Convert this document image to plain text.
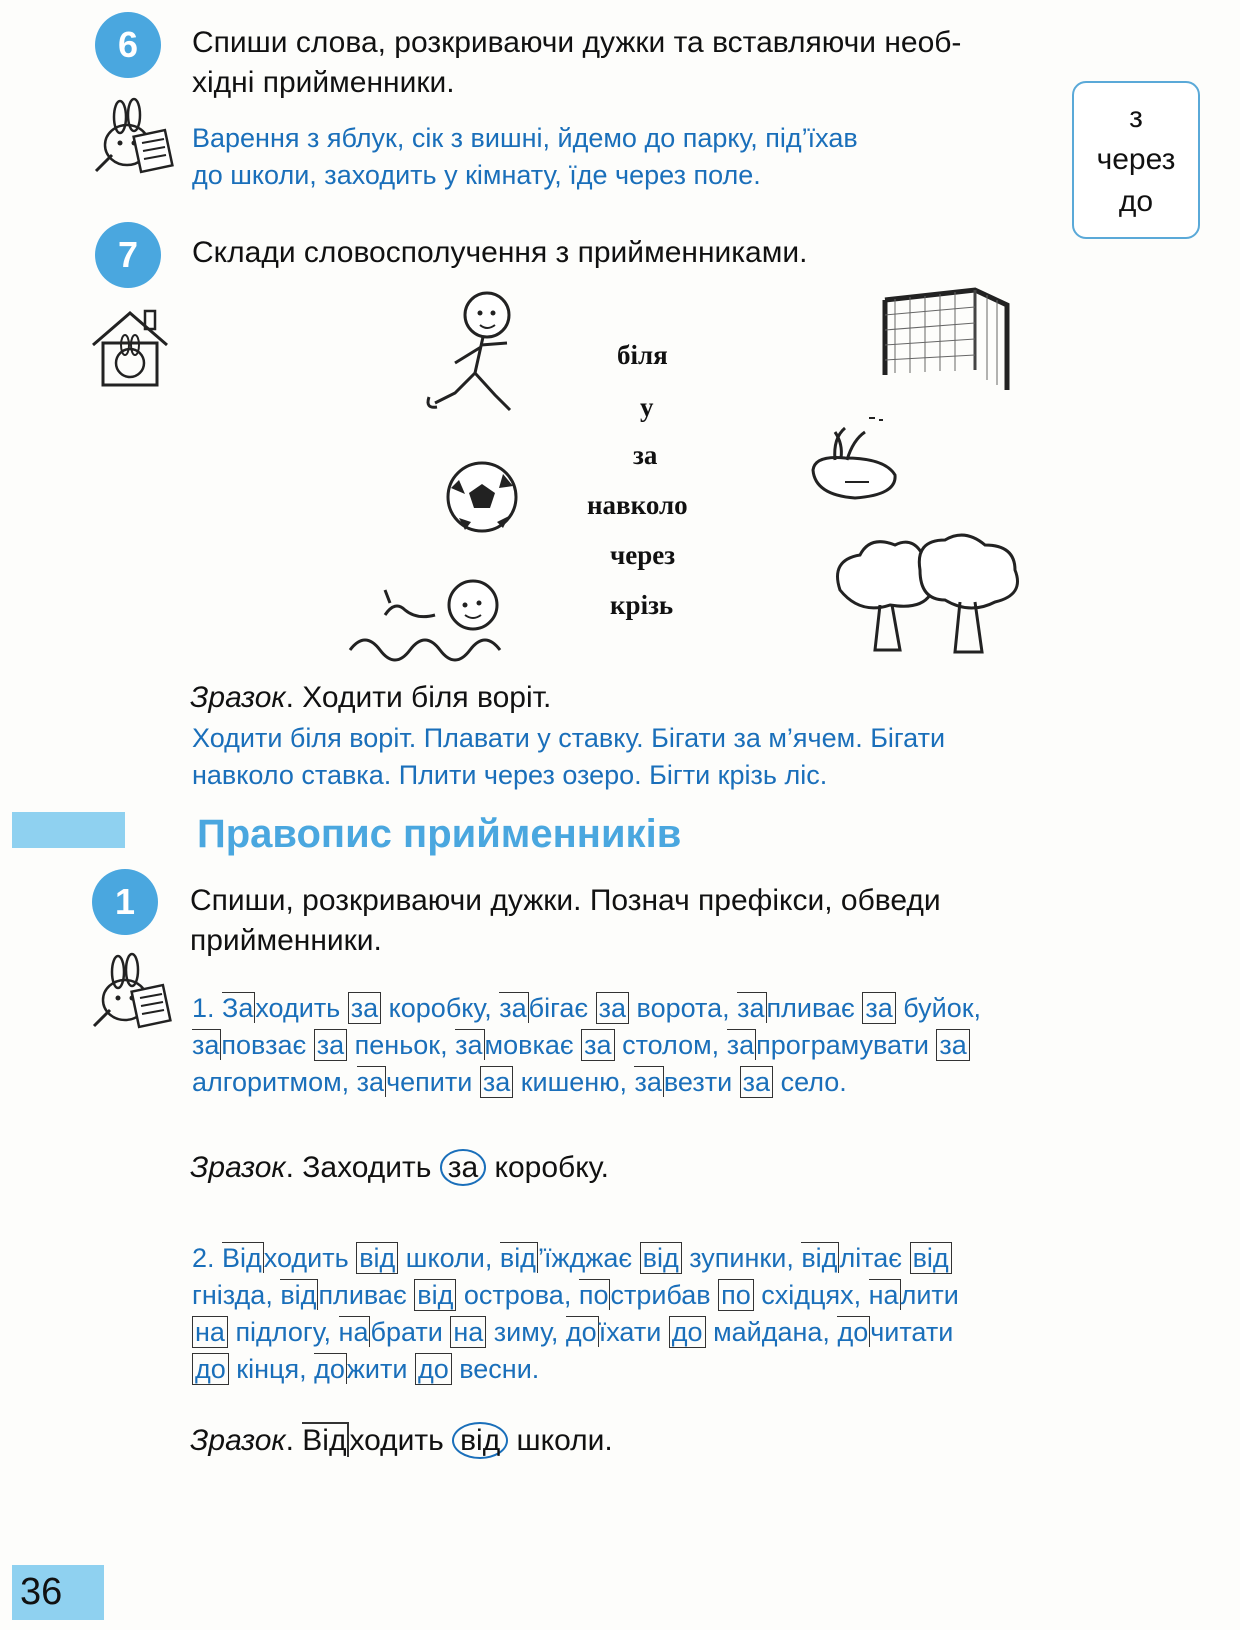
6	Спиши слова, розкриваючи дужки та вставляючи необ-
хідні прийменники.
Варення з яблук, сік з вишні, йдемо до парку, під’їхав
до школи, заходить у кімнату, їде через поле.
з
через
до
7	Склади словосполучення з прийменниками.
біля
у
за
навколо
через
крізь
Зразок. Ходити біля воріт.
Ходити біля воріт. Плавати у ставку. Бігати за м’ячем. Бігати
навколо ставка. Плити через озеро. Бігти крізь ліс.
Правопис прийменників
1	Спиши, розкриваючи дужки. Познач префікси, обведи
прийменники.
1. Заходить за коробку, забігає за ворота, запливає за буйок,
заповзає за пеньок, замовкає за столом, запрограмувати за
алгоритмом, зачепити за кишеню, завезти за село.
Зразок. Заходить за коробку.
2. Відходить від школи, від’їжджає від зупинки, відлітає від
гнізда, відпливає від острова, пострибав по східцях, налити
на підлогу, набрати на зиму, доїхати до майдана, дочитати
до кінця, дожити до весни.
Зразок. Від ходить від школи.
36
